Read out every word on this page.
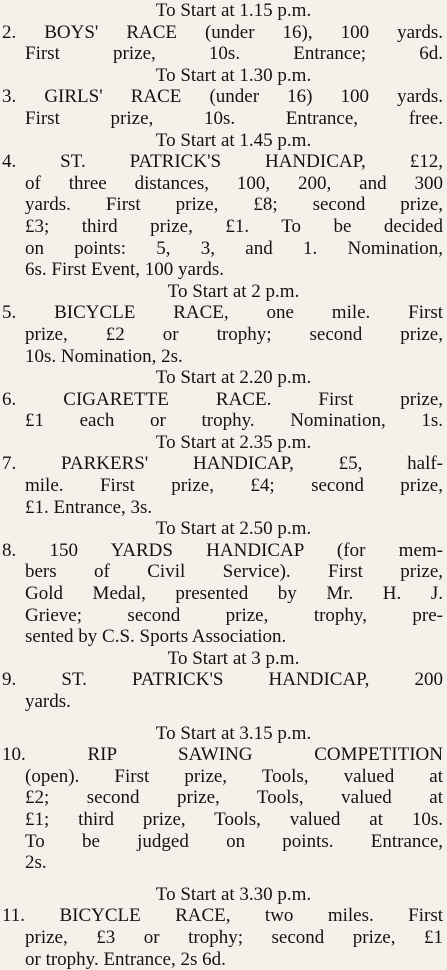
To Start at 1.15 p.m.
2. BOYS' RACE (under 16), 100 yards.
First prize, 10s. Entrance; 6d.
To Start at 1.30 p.m.
3. GIRLS' RACE (under 16) 100 yards.
First prize, 10s. Entrance, free.
To Start at 1.45 p.m.
4. ST. PATRICK'S HANDICAP, £12,
of three distances, 100, 200, and 300
yards. First prize, £8; second prize,
£3; third prize, £1. To be decided
on points: 5, 3, and 1. Nomination,
6s. First Event, 100 yards.
To Start at 2 p.m.
5. BICYCLE RACE, one mile. First
prize, £2 or trophy; second prize,
10s. Nomination, 2s.
To Start at 2.20 p.m.
6. CIGARETTE RACE. First prize,
£1 each or trophy. Nomination, 1s.
To Start at 2.35 p.m.
7. PARKERS' HANDICAP, £5, half-
mile. First prize, £4; second prize,
£1. Entrance, 3s.
To Start at 2.50 p.m.
8. 150 YARDS HANDICAP (for mem-
bers of Civil Service). First prize,
Gold Medal, presented by Mr. H. J.
Grieve; second prize, trophy, pre-
sented by C.S. Sports Association.
To Start at 3 p.m.
9. ST. PATRICK'S HANDICAP, 200
yards.
To Start at 3.15 p.m.
10. RIP SAWING COMPETITION
(open). First prize, Tools, valued at
£2; second prize, Tools, valued at
£1; third prize, Tools, valued at 10s.
To be judged on points. Entrance,
2s.
To Start at 3.30 p.m.
11. BICYCLE RACE, two miles. First
prize, £3 or trophy; second prize, £1
or trophy. Entrance, 2s 6d.
